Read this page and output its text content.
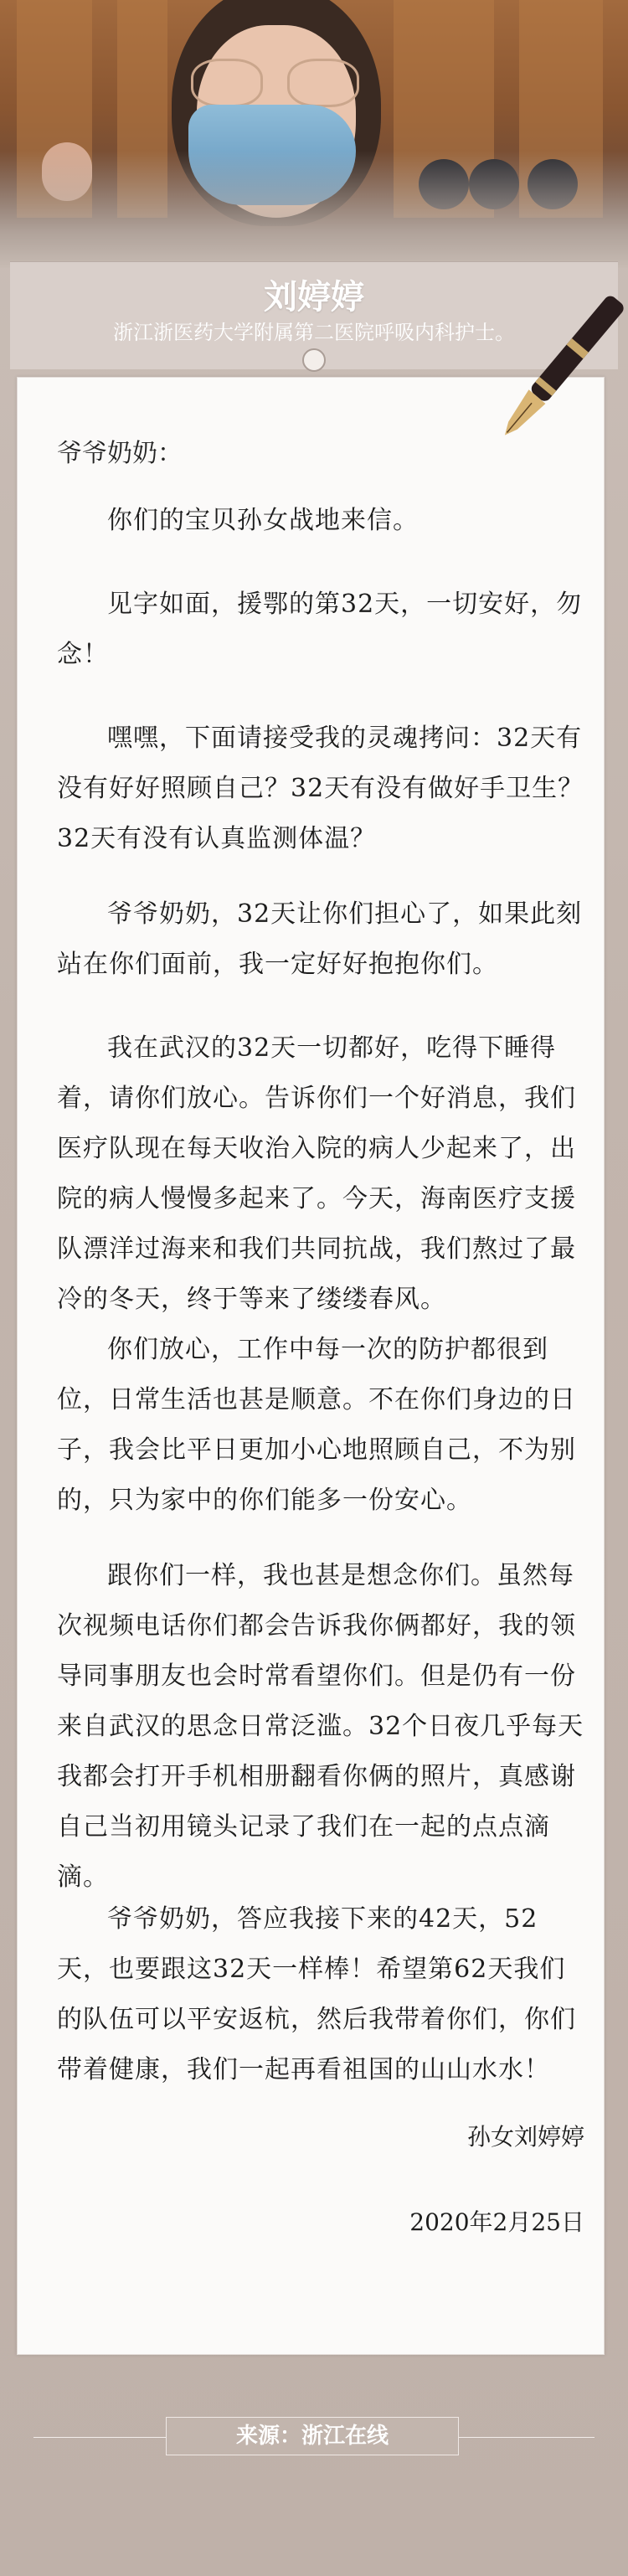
刘婷婷
浙江浙医药大学附属第二医院呼吸内科护士。
爷爷奶奶：

你们的宝贝孙女战地来信。

见字如面，援鄂的第32天，一切安好，勿念！

嘿嘿，下面请接受我的灵魂拷问：32天有没有好好照顾自己？32天有没有做好手卫生？32天有没有认真监测体温？

爷爷奶奶，32天让你们担心了，如果此刻站在你们面前，我一定好好抱抱你们。

我在武汉的32天一切都好，吃得下睡得着，请你们放心。告诉你们一个好消息，我们医疗队现在每天收治入院的病人少起来了，出院的病人慢慢多起来了。今天，海南医疗支援队漂洋过海来和我们共同抗战，我们熬过了最冷的冬天，终于等来了缕缕春风。

你们放心，工作中每一次的防护都很到位，日常生活也甚是顺意。不在你们身边的日子，我会比平日更加小心地照顾自己，不为别的，只为家中的你们能多一份安心。

跟你们一样，我也甚是想念你们。虽然每次视频电话你们都会告诉我你俩都好，我的领导同事朋友也会时常看望你们。但是仍有一份来自武汉的思念日常泛滥。32个日夜几乎每天我都会打开手机相册翻看你俩的照片，真感谢自己当初用镜头记录了我们在一起的点点滴滴。

爷爷奶奶，答应我接下来的42天，52天，也要跟这32天一样棒！希望第62天我们的队伍可以平安返杭，然后我带着你们，你们带着健康，我们一起再看祖国的山山水水！

孙女刘婷婷
2020年2月25日
来源：浙江在线
